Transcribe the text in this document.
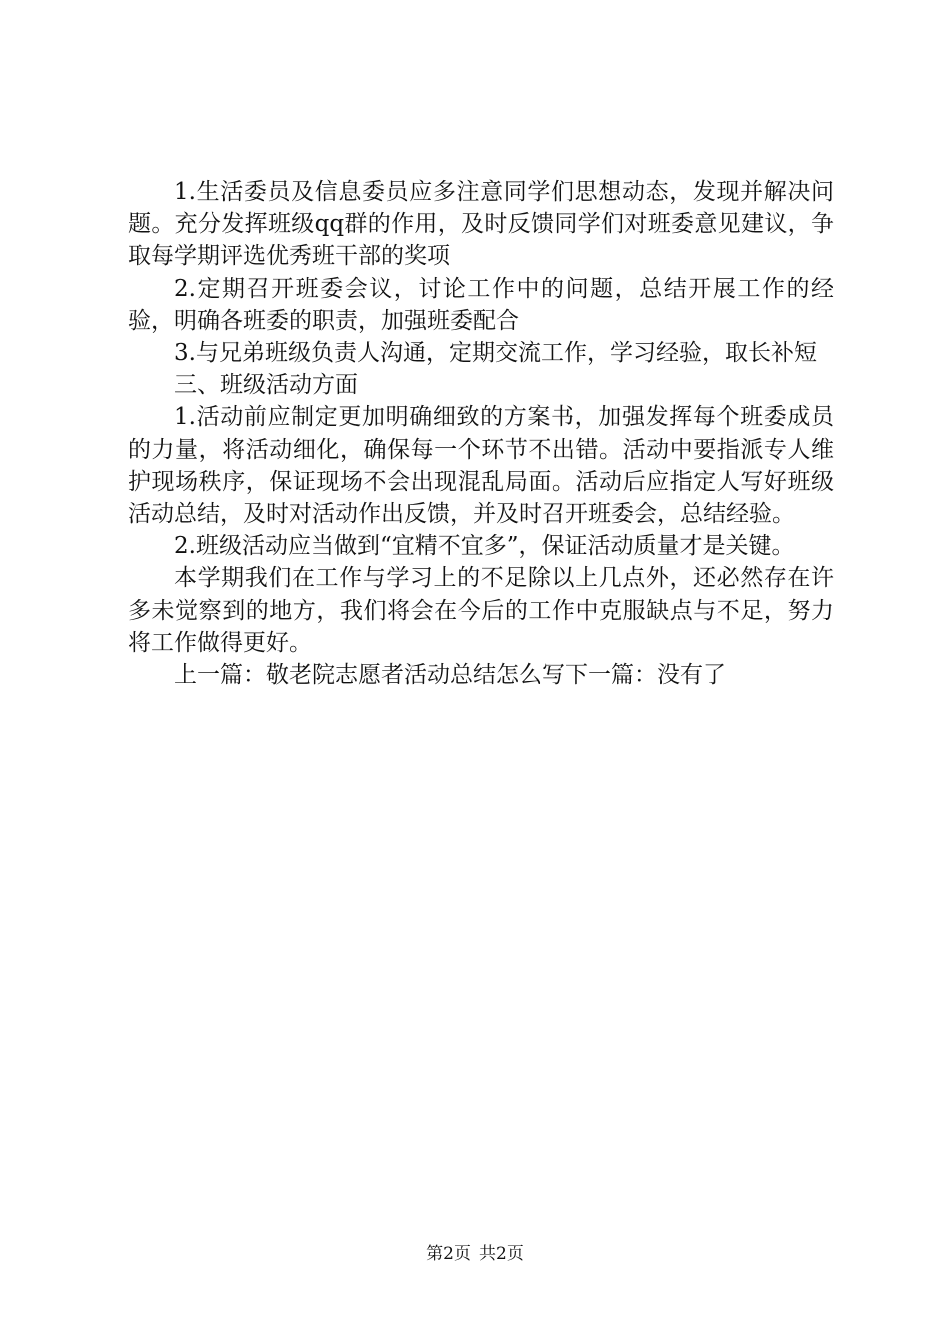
1.生活委员及信息委员应多注意同学们思想动态，发现并解决问题。充分发挥班级qq群的作用，及时反馈同学们对班委意见建议，争取每学期评选优秀班干部的奖项

2.定期召开班委会议，讨论工作中的问题，总结开展工作的经验，明确各班委的职责，加强班委配合

3.与兄弟班级负责人沟通，定期交流工作，学习经验，取长补短

三、班级活动方面

1.活动前应制定更加明确细致的方案书，加强发挥每个班委成员的力量，将活动细化，确保每一个环节不出错。活动中要指派专人维护现场秩序，保证现场不会出现混乱局面。活动后应指定人写好班级活动总结，及时对活动作出反馈，并及时召开班委会，总结经验。

2.班级活动应当做到“宜精不宜多”，保证活动质量才是关键。

本学期我们在工作与学习上的不足除以上几点外，还必然存在许多未觉察到的地方，我们将会在今后的工作中克服缺点与不足，努力将工作做得更好。

上一篇：敬老院志愿者活动总结怎么写下一篇：没有了

第2页 共2页
